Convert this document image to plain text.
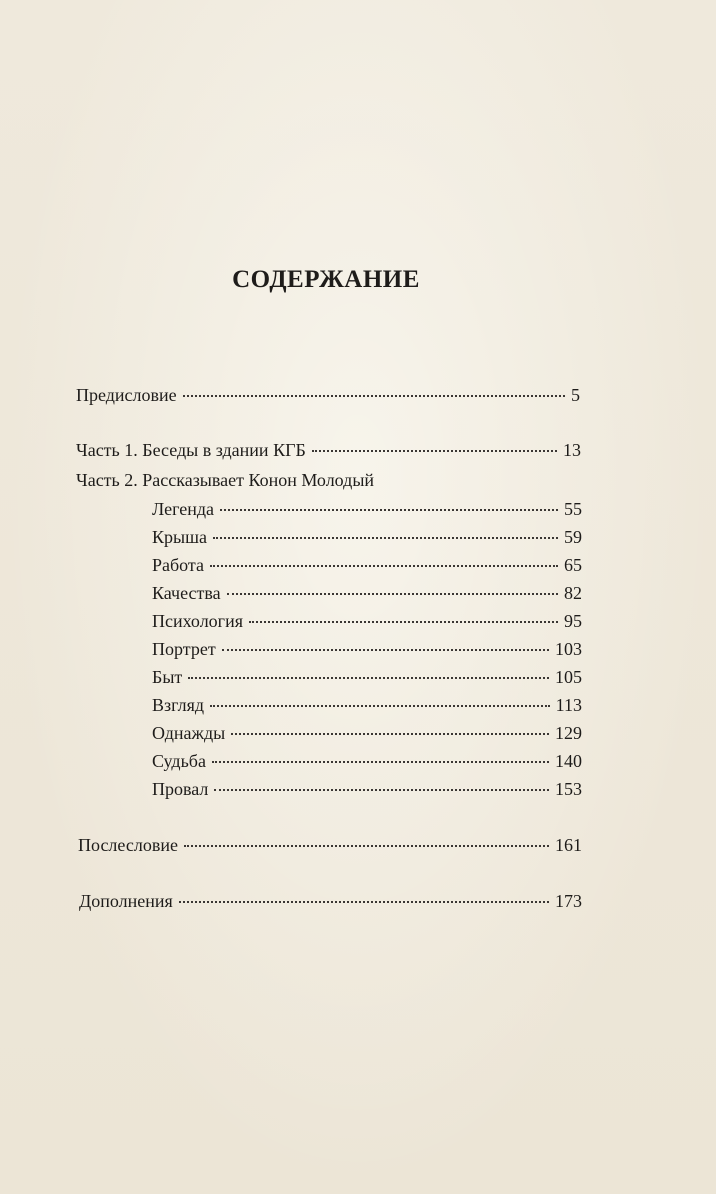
СОДЕРЖАНИЕ
Предисловие	5
Часть 1. Беседы в здании КГБ	13
Часть 2. Рассказывает Конон Молодый
Легенда	55
Крыша	59
Работа	65
Качества	82
Психология	95
Портрет	103
Быт	105
Взгляд	113
Однажды	129
Судьба	140
Провал	153
Послесловие	161
Дополнения	173
